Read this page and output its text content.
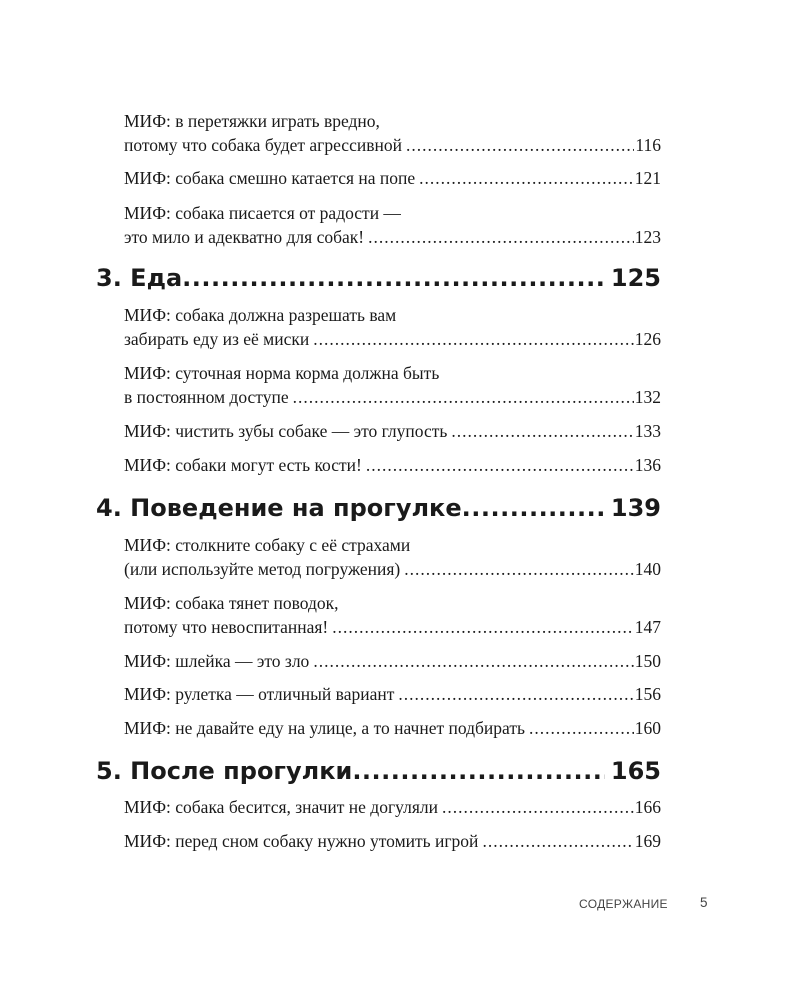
МИФ: в перетяжки играть вредно,
потому что собака будет агрессивной .....	116
МИФ: собака смешно катается на попе .....	121
МИФ: собака писается от радости —
это мило и адекватно для собак! .....	123
3. Еда .....	125
МИФ: собака должна разрешать вам
забирать еду из её миски .....	126
МИФ: суточная норма корма должна быть
в постоянном доступе .....	132
МИФ: чистить зубы собаке — это глупость .....	133
МИФ: собаки могут есть кости! .....	136
4. Поведение на прогулке .....	139
МИФ: столкните собаку с её страхами
(или используйте метод погружения) .....	140
МИФ: собака тянет поводок,
потому что невоспитанная! .....	147
МИФ: шлейка — это зло .....	150
МИФ: рулетка — отличный вариант .....	156
МИФ: не давайте еду на улице, а то начнет подбирать .....	160
5. После прогулки .....	165
МИФ: собака бесится, значит не догуляли .....	166
МИФ: перед сном собаку нужно утомить игрой .....	169
СОДЕРЖАНИЕ 5
